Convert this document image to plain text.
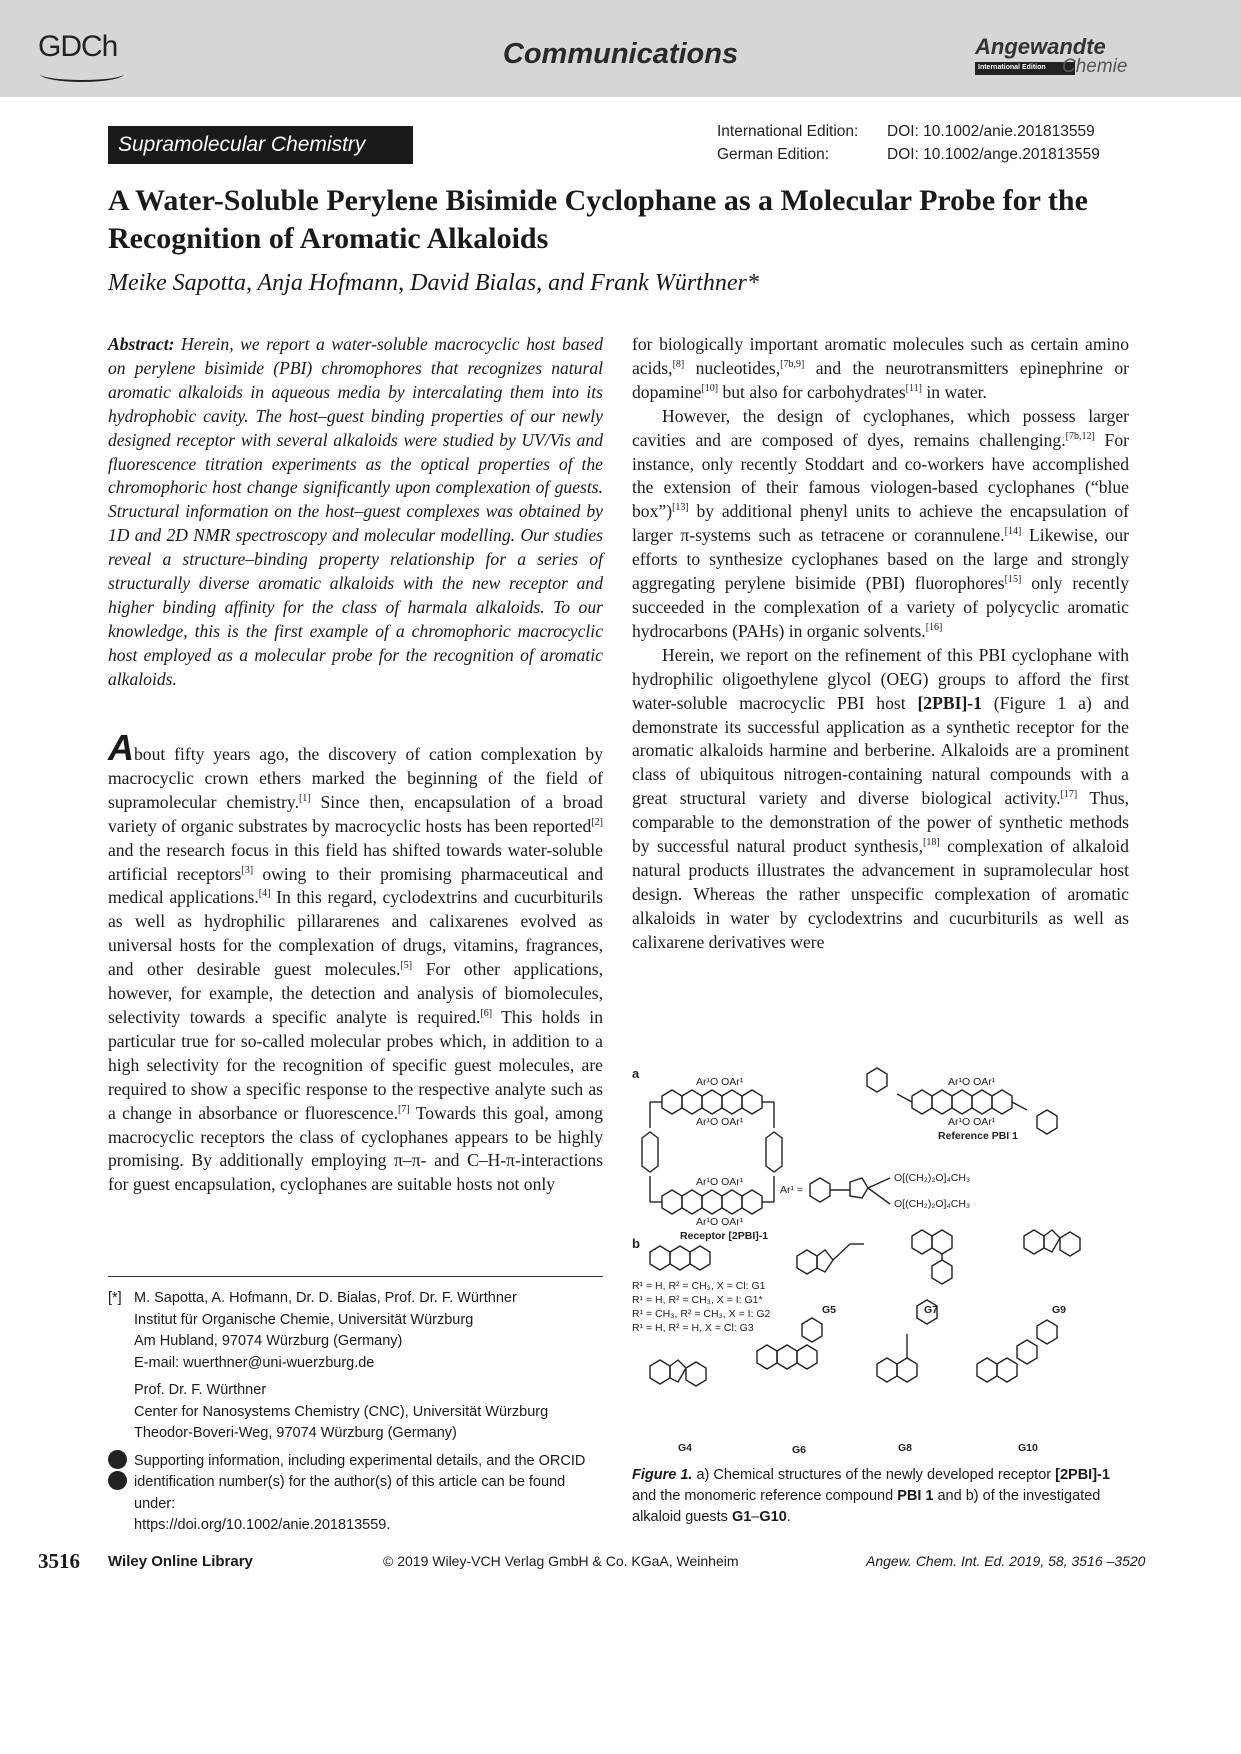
GDCh	Communications	Angewandte
International Edition Chemie
Supramolecular Chemistry
International Edition: DOI: 10.1002/anie.201813559
German Edition:	DOI: 10.1002/ange.201813559
A Water-Soluble Perylene Bisimide Cyclophane as a Molecular Probe for the Recognition of Aromatic Alkaloids
Meike Sapotta, Anja Hofmann, David Bialas, and Frank Würthner*

Abstract: Herein, we report a water-soluble macrocyclic host based on perylene bisimide (PBI) chromophores that recognizes natural aromatic alkaloids in aqueous media by intercalating them into its hydrophobic cavity. The host–guest binding properties of our newly designed receptor with several alkaloids were studied by UV/Vis and fluorescence titration experiments as the optical properties of the chromophoric host change significantly upon complexation of guests. Structural information on the host–guest complexes was obtained by 1D and 2D NMR spectroscopy and molecular modelling. Our studies reveal a structure–binding property relationship for a series of structurally diverse aromatic alkaloids with the new receptor and higher binding affinity for the class of harmala alkaloids. To our knowledge, this is the first example of a chromophoric macrocyclic host employed as a molecular probe for the recognition of aromatic alkaloids.

About fifty years ago, the discovery of cation complexation by macrocyclic crown ethers marked the beginning of the field of supramolecular chemistry.[1] Since then, encapsulation of a broad variety of organic substrates by macrocyclic hosts has been reported[2] and the research focus in this field has shifted towards water-soluble artificial receptors[3] owing to their promising pharmaceutical and medical applications.[4] In this regard, cyclodextrins and cucurbiturils as well as hydrophilic pillararenes and calixarenes evolved as universal hosts for the complexation of drugs, vitamins, fragrances, and other desirable guest molecules.[5] For other applications, however, for example, the detection and analysis of biomolecules, selectivity towards a specific analyte is required.[6] This holds in particular true for so-called molecular probes which, in addition to a high selectivity for the recognition of specific guest molecules, are required to show a specific response to the respective analyte such as a change in absorbance or fluorescence.[7] Towards this goal, among macrocyclic receptors the class of cyclophanes appears to be highly promising. By additionally employing π–π- and C–H-π-interactions for guest encapsulation, cyclophanes are suitable hosts not only

for biologically important aromatic molecules such as certain amino acids,[8] nucleotides,[7b,9] and the neurotransmitters epinephrine or dopamine[10] but also for carbohydrates[11] in water.

However, the design of cyclophanes, which possess larger cavities and are composed of dyes, remains challenging.[7b,12] For instance, only recently Stoddart and co-workers have accomplished the extension of their famous viologen-based cyclophanes (“blue box”)[13] by additional phenyl units to achieve the encapsulation of larger π-systems such as tetracene or corannulene.[14] Likewise, our efforts to synthesize cyclophanes based on the large and strongly aggregating perylene bisimide (PBI) fluorophores[15] only recently succeeded in the complexation of a variety of polycyclic aromatic hydrocarbons (PAHs) in organic solvents.[16]

Herein, we report on the refinement of this PBI cyclophane with hydrophilic oligoethylene glycol (OEG) groups to afford the first water-soluble macrocyclic PBI host [2PBI]-1 (Figure 1 a) and demonstrate its successful application as a synthetic receptor for the aromatic alkaloids harmine and berberine. Alkaloids are a prominent class of ubiquitous nitrogen-containing natural compounds with a great structural variety and diverse biological activity.[17] Thus, comparable to the demonstration of the power of synthetic methods by successful natural product synthesis,[18] complexation of alkaloid natural products illustrates the advancement in supramolecular host design. Whereas the rather unspecific complexation of aromatic alkaloids in water by cyclodextrins and cucurbiturils as well as calixarene derivatives were

[*] M. Sapotta, A. Hofmann, Dr. D. Bialas, Prof. Dr. F. Würthner
Institut für Organische Chemie, Universität Würzburg
Am Hubland, 97074 Würzburg (Germany)
E-mail: wuerthner@uni-wuerzburg.de
Prof. Dr. F. Würthner
Center for Nanosystems Chemistry (CNC), Universität Würzburg
Theodor-Boveri-Weg, 97074 Würzburg (Germany)
Supporting information, including experimental details, and the ORCID identification number(s) for the author(s) of this article can be found under:
https://doi.org/10.1002/anie.201813559.
a
Ar¹O OAr¹
Ar¹O OAr¹
Ar¹O OAr¹
Ar¹O OAr¹
Receptor [2PBI]-1
Ar¹O OAr¹
Ar¹O OAr¹
Reference PBI 1
Ar¹ =
O[(CH₂)₂O]₄CH₃
O[(CH₂)₂O]₄CH₃
b
R¹ = H, R² = CH₃, X = Cl: G1
R¹ = H, R² = CH₃, X = I: G1*
R¹ = CH₃, R² = CH₃, X = I: G2
R¹ = H, R² = H, X = Cl: G3
G5	G7	G9
G4	G6	G8	G10
Figure 1. a) Chemical structures of the newly developed receptor [2PBI]-1 and the monomeric reference compound PBI 1 and b) of the investigated alkaloid guests G1–G10.
3516 Wiley Online Library	© 2019 Wiley-VCH Verlag GmbH & Co. KGaA, Weinheim	Angew. Chem. Int. Ed. 2019, 58, 3516 –3520
